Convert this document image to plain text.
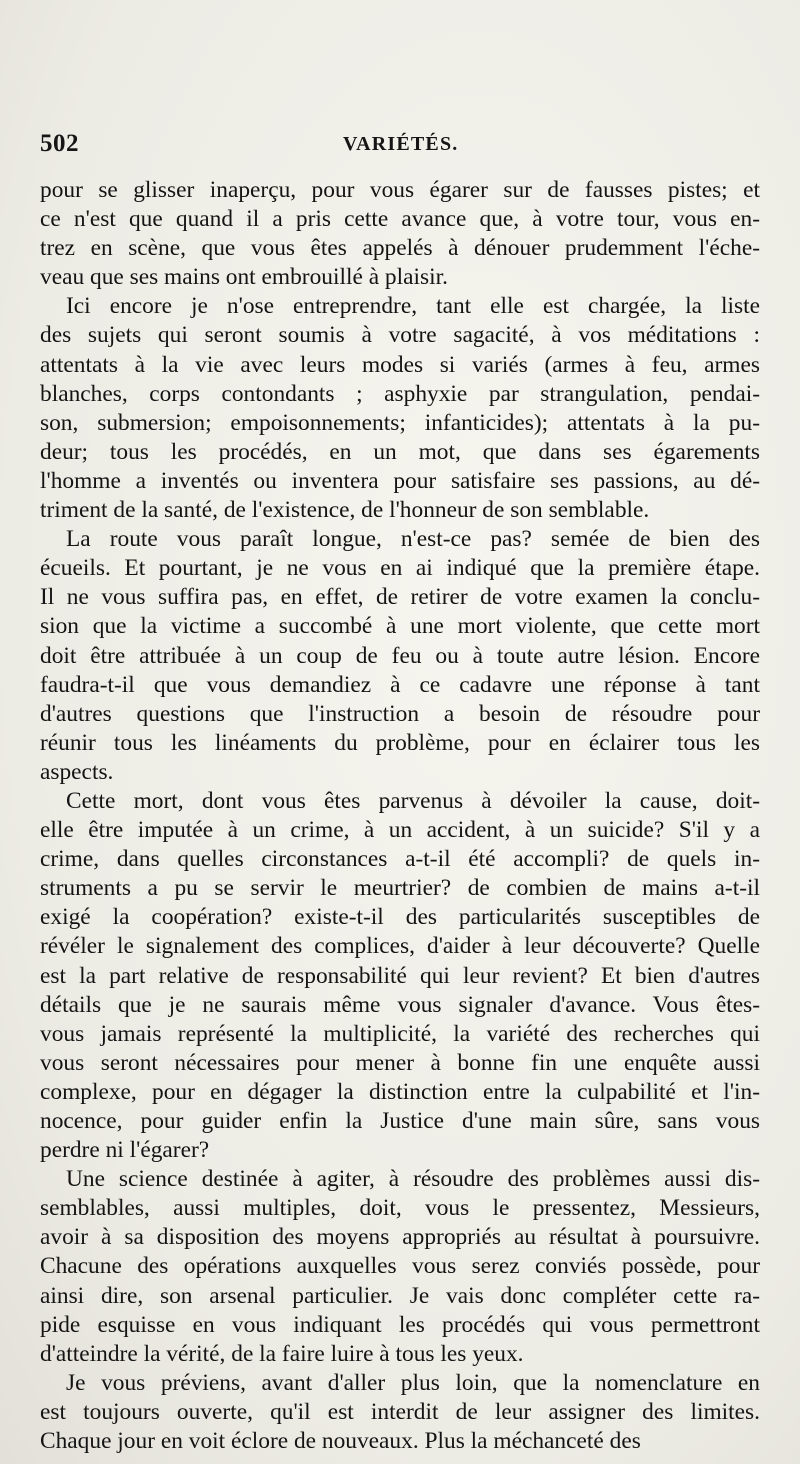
502	VARIÉTÉS.
pour se glisser inaperçu, pour vous égarer sur de fausses pistes; et
ce n'est que quand il a pris cette avance que, à votre tour, vous en-
trez en scène, que vous êtes appelés à dénouer prudemment l'éche-
veau que ses mains ont embrouillé à plaisir.
Ici encore je n'ose entreprendre, tant elle est chargée, la liste
des sujets qui seront soumis à votre sagacité, à vos méditations :
attentats à la vie avec leurs modes si variés (armes à feu, armes
blanches, corps contondants ; asphyxie par strangulation, pendai-
son, submersion; empoisonnements; infanticides); attentats à la pu-
deur; tous les procédés, en un mot, que dans ses égarements
l'homme a inventés ou inventera pour satisfaire ses passions, au dé-
triment de la santé, de l'existence, de l'honneur de son semblable.
La route vous paraît longue, n'est-ce pas? semée de bien des
écueils. Et pourtant, je ne vous en ai indiqué que la première étape.
Il ne vous suffira pas, en effet, de retirer de votre examen la conclu-
sion que la victime a succombé à une mort violente, que cette mort
doit être attribuée à un coup de feu ou à toute autre lésion. Encore
faudra-t-il que vous demandiez à ce cadavre une réponse à tant
d'autres questions que l'instruction a besoin de résoudre pour
réunir tous les linéaments du problème, pour en éclairer tous les
aspects.
Cette mort, dont vous êtes parvenus à dévoiler la cause, doit-
elle être imputée à un crime, à un accident, à un suicide? S'il y a
crime, dans quelles circonstances a-t-il été accompli? de quels in-
struments a pu se servir le meurtrier? de combien de mains a-t-il
exigé la coopération? existe-t-il des particularités susceptibles de
révéler le signalement des complices, d'aider à leur découverte? Quelle
est la part relative de responsabilité qui leur revient? Et bien d'autres
détails que je ne saurais même vous signaler d'avance. Vous êtes-
vous jamais représenté la multiplicité, la variété des recherches qui
vous seront nécessaires pour mener à bonne fin une enquête aussi
complexe, pour en dégager la distinction entre la culpabilité et l'in-
nocence, pour guider enfin la Justice d'une main sûre, sans vous
perdre ni l'égarer?
Une science destinée à agiter, à résoudre des problèmes aussi dis-
semblables, aussi multiples, doit, vous le pressentez, Messieurs,
avoir à sa disposition des moyens appropriés au résultat à poursuivre.
Chacune des opérations auxquelles vous serez conviés possède, pour
ainsi dire, son arsenal particulier. Je vais donc compléter cette ra-
pide esquisse en vous indiquant les procédés qui vous permettront
d'atteindre la vérité, de la faire luire à tous les yeux.
Je vous préviens, avant d'aller plus loin, que la nomenclature en
est toujours ouverte, qu'il est interdit de leur assigner des limites.
Chaque jour en voit éclore de nouveaux. Plus la méchanceté des
